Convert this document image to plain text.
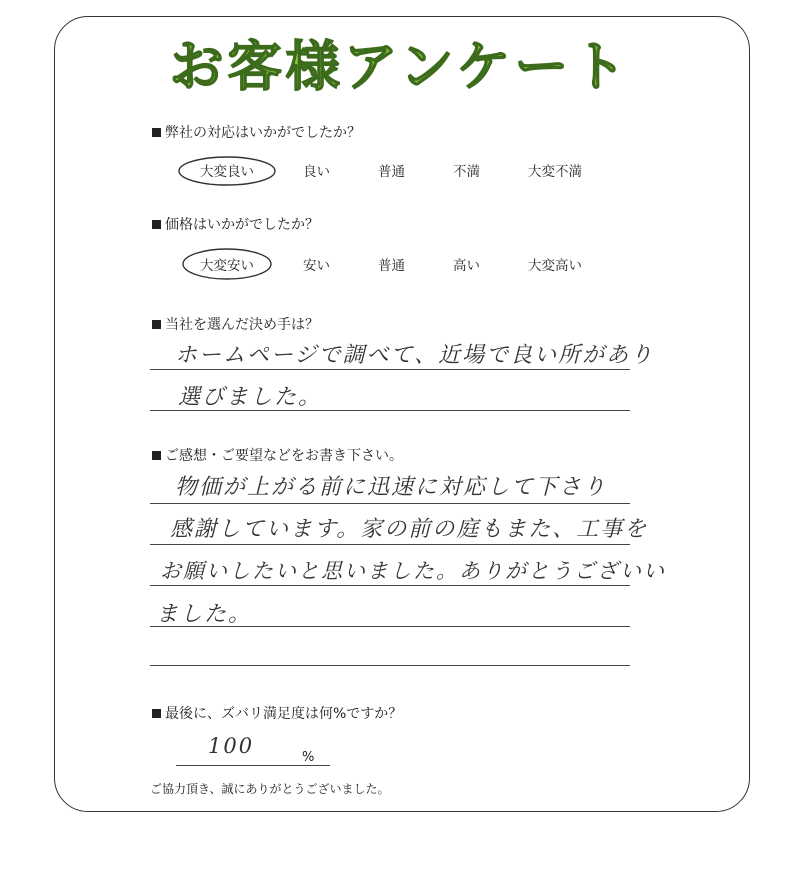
お客様アンケート
弊社の対応はいかがでしたか？
大変良い	良い	普通	不満	大変不満
価格はいかがでしたか？
大変安い	安い	普通	高い	大変高い
当社を選んだ決め手は？
ホームページで調べて、近場で良い所があり
選びました。
ご感想・ご要望などをお書き下さい。
物価が上がる前に迅速に対応して下さり
感謝しています。家の前の庭もまた、工事を
お願いしたいと思いました。ありがとうございい
ました。
最後に、ズバリ満足度は何%ですか？
100	%
ご協力頂き、誠にありがとうございました。
